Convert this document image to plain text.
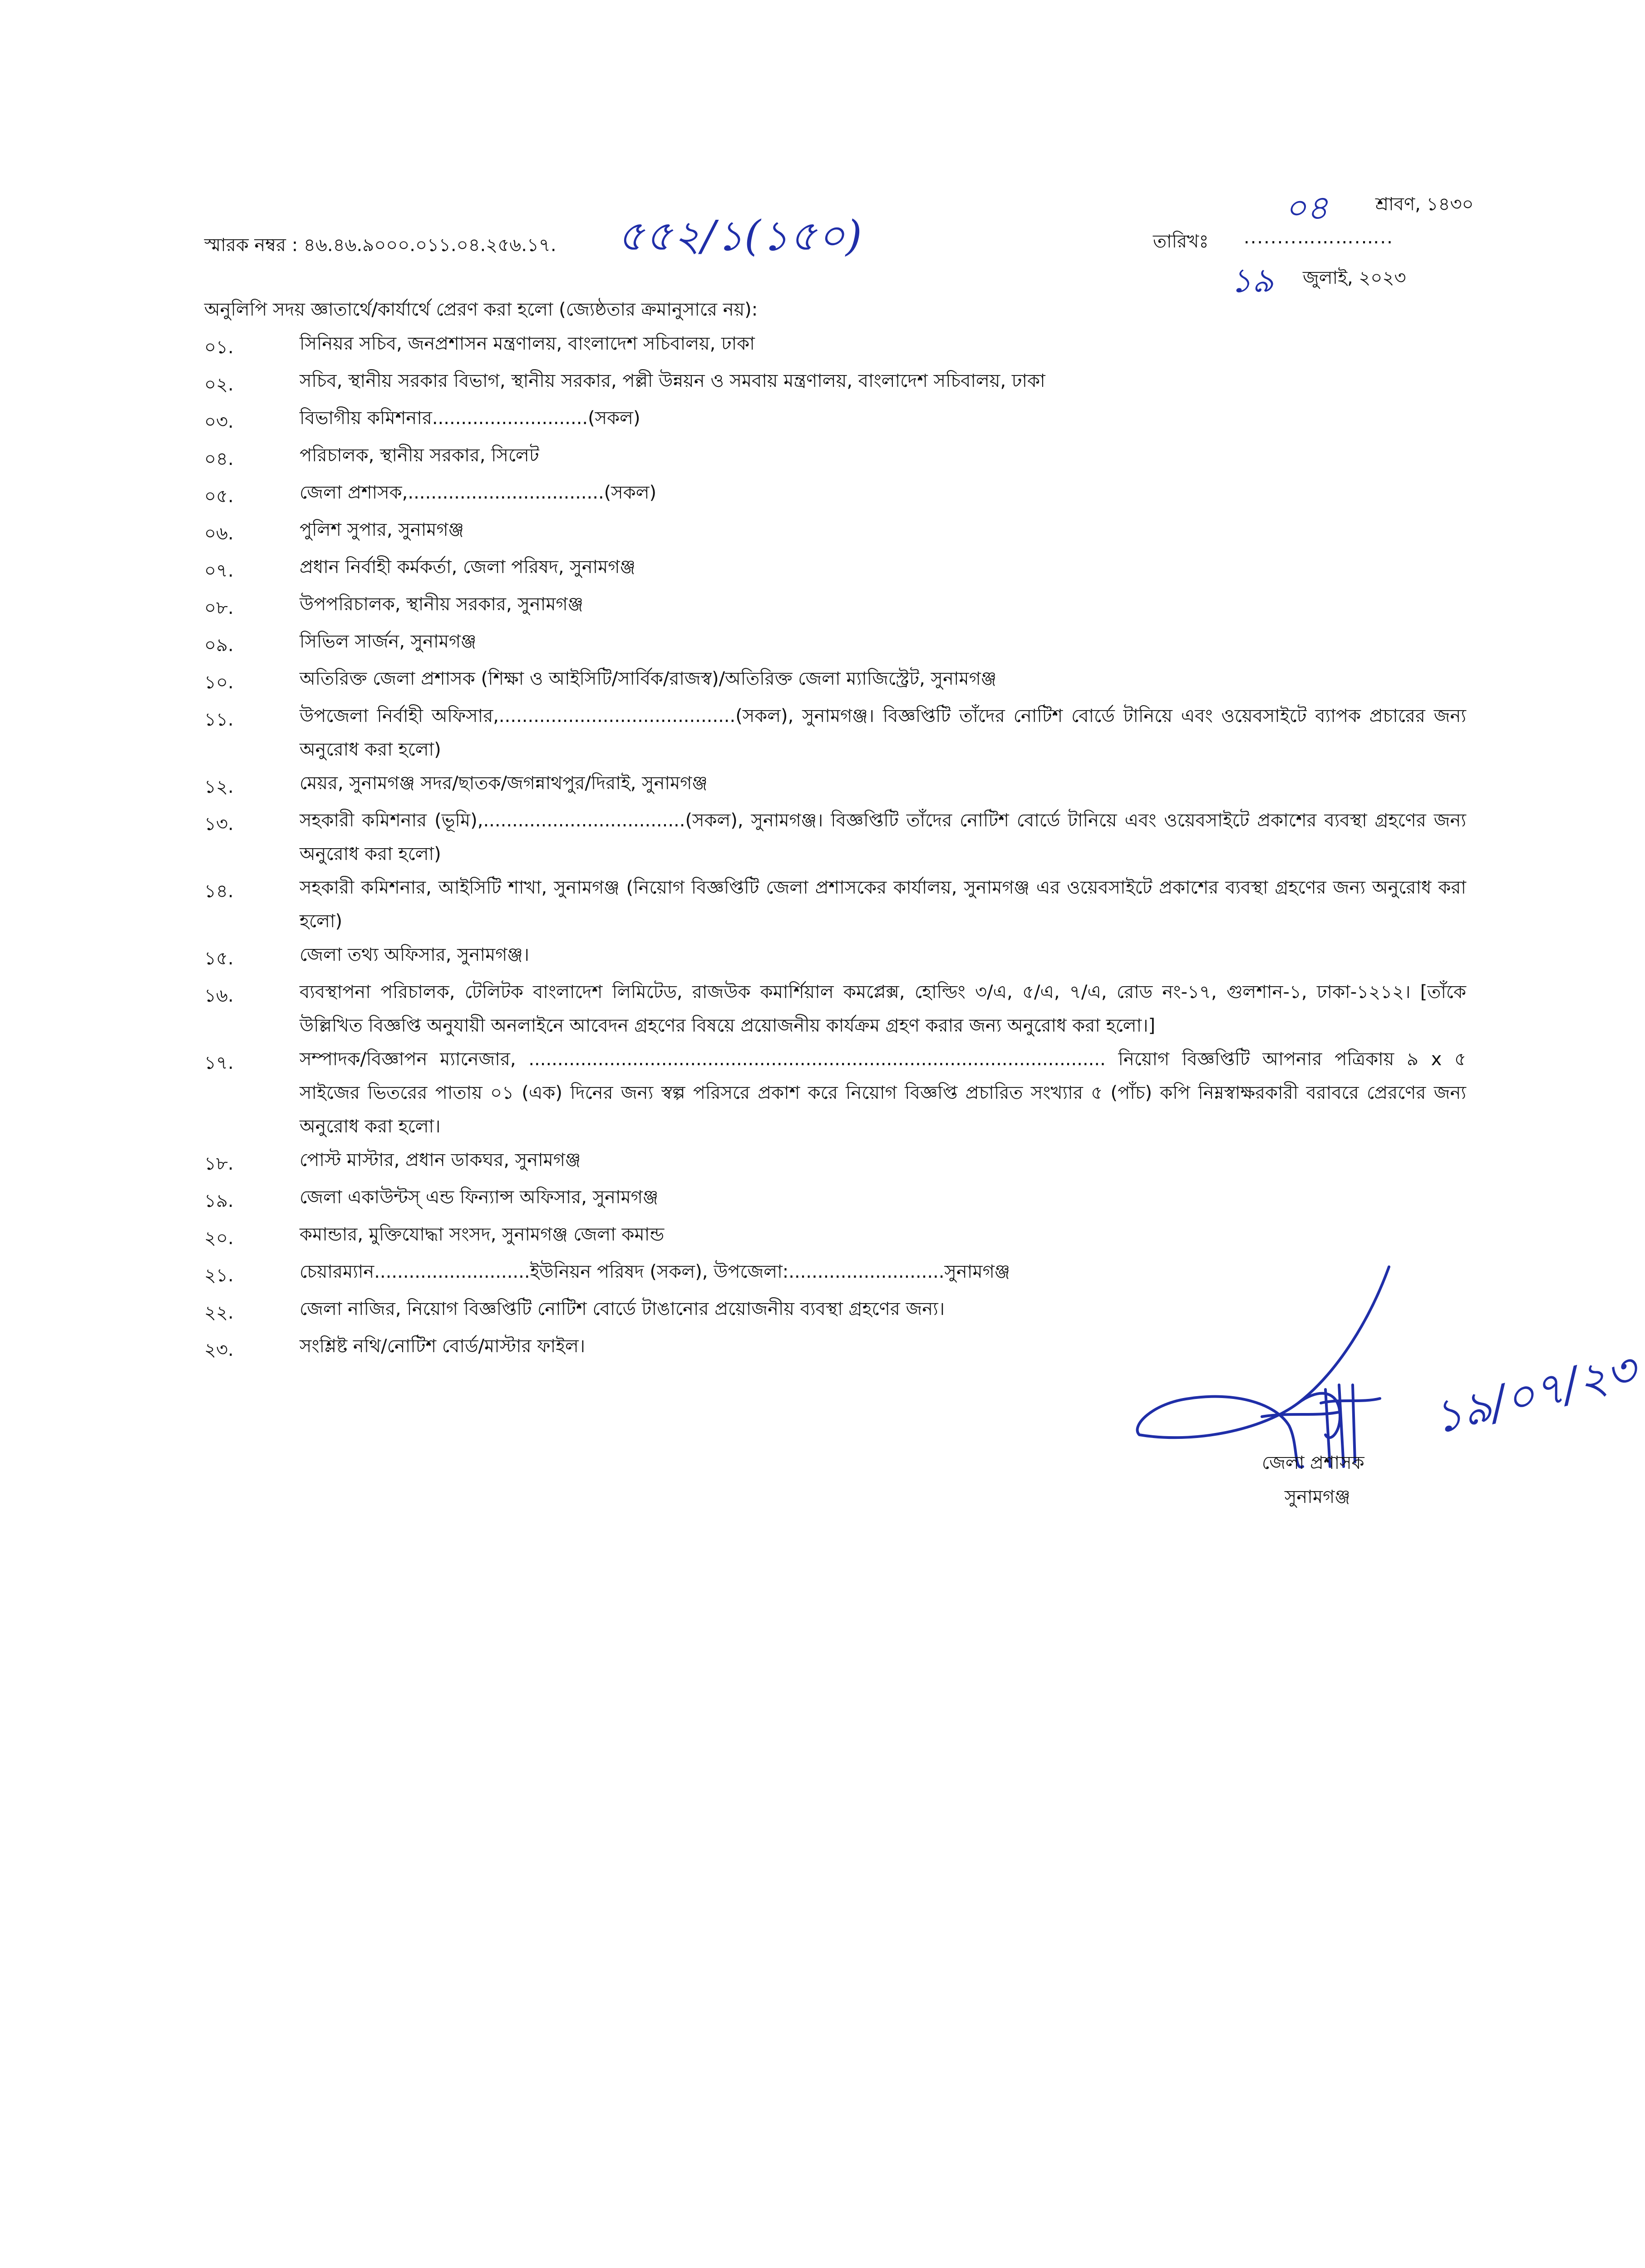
স্মারক নম্বর : ৪৬.৪৬.৯০০০.০১১.০৪.২৫৬.১৭. ৫৫২/১(১৫০)
০৪	শ্রাবণ, ১৪৩০
তারিখঃ ........……….…..
১৯ জুলাই, ২০২৩
অনুলিপি সদয় জ্ঞাতার্থে/কার্যার্থে প্রেরণ করা হলো (জ্যেষ্ঠতার ক্রমানুসারে নয়):
০১.	সিনিয়র সচিব, জনপ্রশাসন মন্ত্রণালয়, বাংলাদেশ সচিবালয়, ঢাকা
০২.	সচিব, স্থানীয় সরকার বিভাগ, স্থানীয় সরকার, পল্লী উন্নয়ন ও সমবায় মন্ত্রণালয়, বাংলাদেশ সচিবালয়, ঢাকা
০৩.	বিভাগীয় কমিশনার...........................(সকল)
০৪.	পরিচালক, স্থানীয় সরকার, সিলেট
০৫.	জেলা প্রশাসক,..................................(সকল)
০৬.	পুলিশ সুপার, সুনামগঞ্জ
০৭.	প্রধান নির্বাহী কর্মকর্তা, জেলা পরিষদ, সুনামগঞ্জ
০৮.	উপপরিচালক, স্থানীয় সরকার, সুনামগঞ্জ
০৯.	সিভিল সার্জন, সুনামগঞ্জ
১০.	অতিরিক্ত জেলা প্রশাসক (শিক্ষা ও আইসিটি/সার্বিক/রাজস্ব)/অতিরিক্ত জেলা ম্যাজিস্ট্রেট, সুনামগঞ্জ
১১.	উপজেলা নির্বাহী অফিসার,.........................................(সকল), সুনামগঞ্জ। বিজ্ঞপ্তিটি তাঁদের নোটিশ বোর্ডে টানিয়ে এবং ওয়েবসাইটে ব্যাপক প্রচারের জন্য অনুরোধ করা হলো)
১২.	মেয়র, সুনামগঞ্জ সদর/ছাতক/জগন্নাথপুর/দিরাই, সুনামগঞ্জ
১৩.	সহকারী কমিশনার (ভূমি),...................................(সকল), সুনামগঞ্জ। বিজ্ঞপ্তিটি তাঁদের নোটিশ বোর্ডে টানিয়ে এবং ওয়েবসাইটে প্রকাশের ব্যবস্থা গ্রহণের জন্য অনুরোধ করা হলো)
১৪.	সহকারী কমিশনার, আইসিটি শাখা, সুনামগঞ্জ (নিয়োগ বিজ্ঞপ্তিটি জেলা প্রশাসকের কার্যালয়, সুনামগঞ্জ এর ওয়েবসাইটে প্রকাশের ব্যবস্থা গ্রহণের জন্য অনুরোধ করা হলো)
১৫.	জেলা তথ্য অফিসার, সুনামগঞ্জ।
১৬.	ব্যবস্থাপনা পরিচালক, টেলিটক বাংলাদেশ লিমিটেড, রাজউক কমার্শিয়াল কমপ্লেক্স, হোল্ডিং ৩/এ, ৫/এ, ৭/এ, রোড নং-১৭, গুলশান-১, ঢাকা-১২১২। [তাঁকে উল্লিখিত বিজ্ঞপ্তি অনুযায়ী অনলাইনে আবেদন গ্রহণের বিষয়ে প্রয়োজনীয় কার্যক্রম গ্রহণ করার জন্য অনুরোধ করা হলো।]
১৭.	সম্পাদক/বিজ্ঞাপন ম্যানেজার, .................................................................................................... নিয়োগ বিজ্ঞপ্তিটি আপনার পত্রিকায় ৯ x ৫ সাইজের ভিতরের পাতায় ০১ (এক) দিনের জন্য স্বল্প পরিসরে প্রকাশ করে নিয়োগ বিজ্ঞপ্তি প্রচারিত সংখ্যার ৫ (পাঁচ) কপি নিম্নস্বাক্ষরকারী বরাবরে প্রেরণের জন্য অনুরোধ করা হলো।
১৮.	পোস্ট মাস্টার, প্রধান ডাকঘর, সুনামগঞ্জ
১৯.	জেলা একাউন্টস্ এন্ড ফিন্যান্স অফিসার, সুনামগঞ্জ
২০.	কমান্ডার, মুক্তিযোদ্ধা সংসদ, সুনামগঞ্জ জেলা কমান্ড
২১.	চেয়ারম্যান...........................ইউনিয়ন পরিষদ (সকল), উপজেলা:...........................সুনামগঞ্জ
২২.	জেলা নাজির, নিয়োগ বিজ্ঞপ্তিটি নোটিশ বোর্ডে টাঙানোর প্রয়োজনীয় ব্যবস্থা গ্রহণের জন্য।
২৩.	সংশ্লিষ্ট নথি/নোটিশ বোর্ড/মাস্টার ফাইল।	১৯/০৭/২৩
জেলা প্রশাসক
সুনামগঞ্জ
